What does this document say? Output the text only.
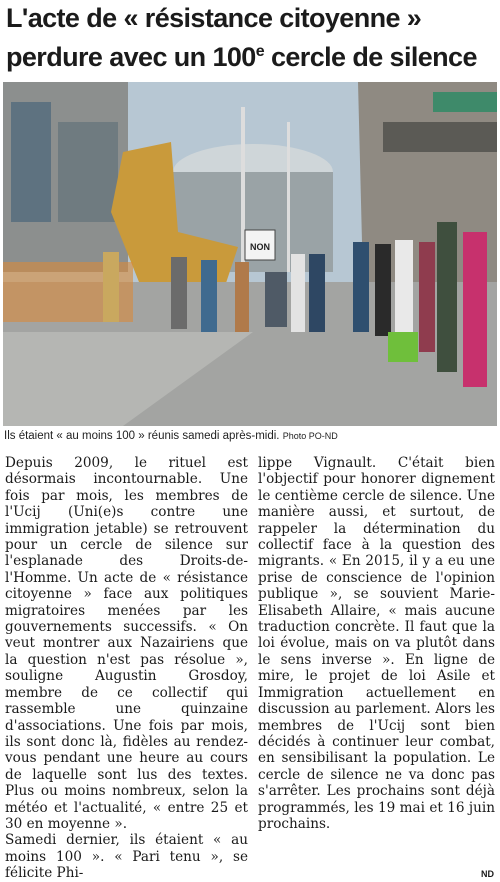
L'acte de « résistance citoyenne »
perdure avec un 100e cercle de silence
NON
Ils étaient « au moins 100 » réunis samedi après-midi. Photo PO-ND

Depuis 2009, le rituel est désormais incontournable. Une fois par mois, les membres de l'Ucij (Uni(e)s contre une immigration jetable) se retrouvent pour un cercle de silence sur l'esplanade des Droits-de-l'Homme. Un acte de « résistance citoyenne » face aux politiques migratoires menées par les gouvernements successifs. « On veut montrer aux Nazairiens que la question n'est pas résolue », souligne Augustin Grosdoy, membre de ce collectif qui rassemble une quinzaine d'associations. Une fois par mois, ils sont donc là, fidèles au rendez-vous pendant une heure au cours de laquelle sont lus des textes. Plus ou moins nombreux, selon la météo et l'actualité, « entre 25 et 30 en moyenne ».

Samedi dernier, ils étaient « au moins 100 ». « Pari tenu », se félicite Phi-

lippe Vignault. C'était bien l'objectif pour honorer dignement le centième cercle de silence. Une manière aussi, et surtout, de rappeler la détermination du collectif face à la question des migrants. « En 2015, il y a eu une prise de conscience de l'opinion publique », se souvient Marie-Elisabeth Allaire, « mais aucune traduction concrète. Il faut que la loi évolue, mais on va plutôt dans le sens inverse ». En ligne de mire, le projet de loi Asile et Immigration actuellement en discussion au parlement. Alors les membres de l'Ucij sont bien décidés à continuer leur combat, en sensibilisant la population. Le cercle de silence ne va donc pas s'arrêter. Les prochains sont déjà programmés, les 19 mai et 16 juin prochains.

ND
